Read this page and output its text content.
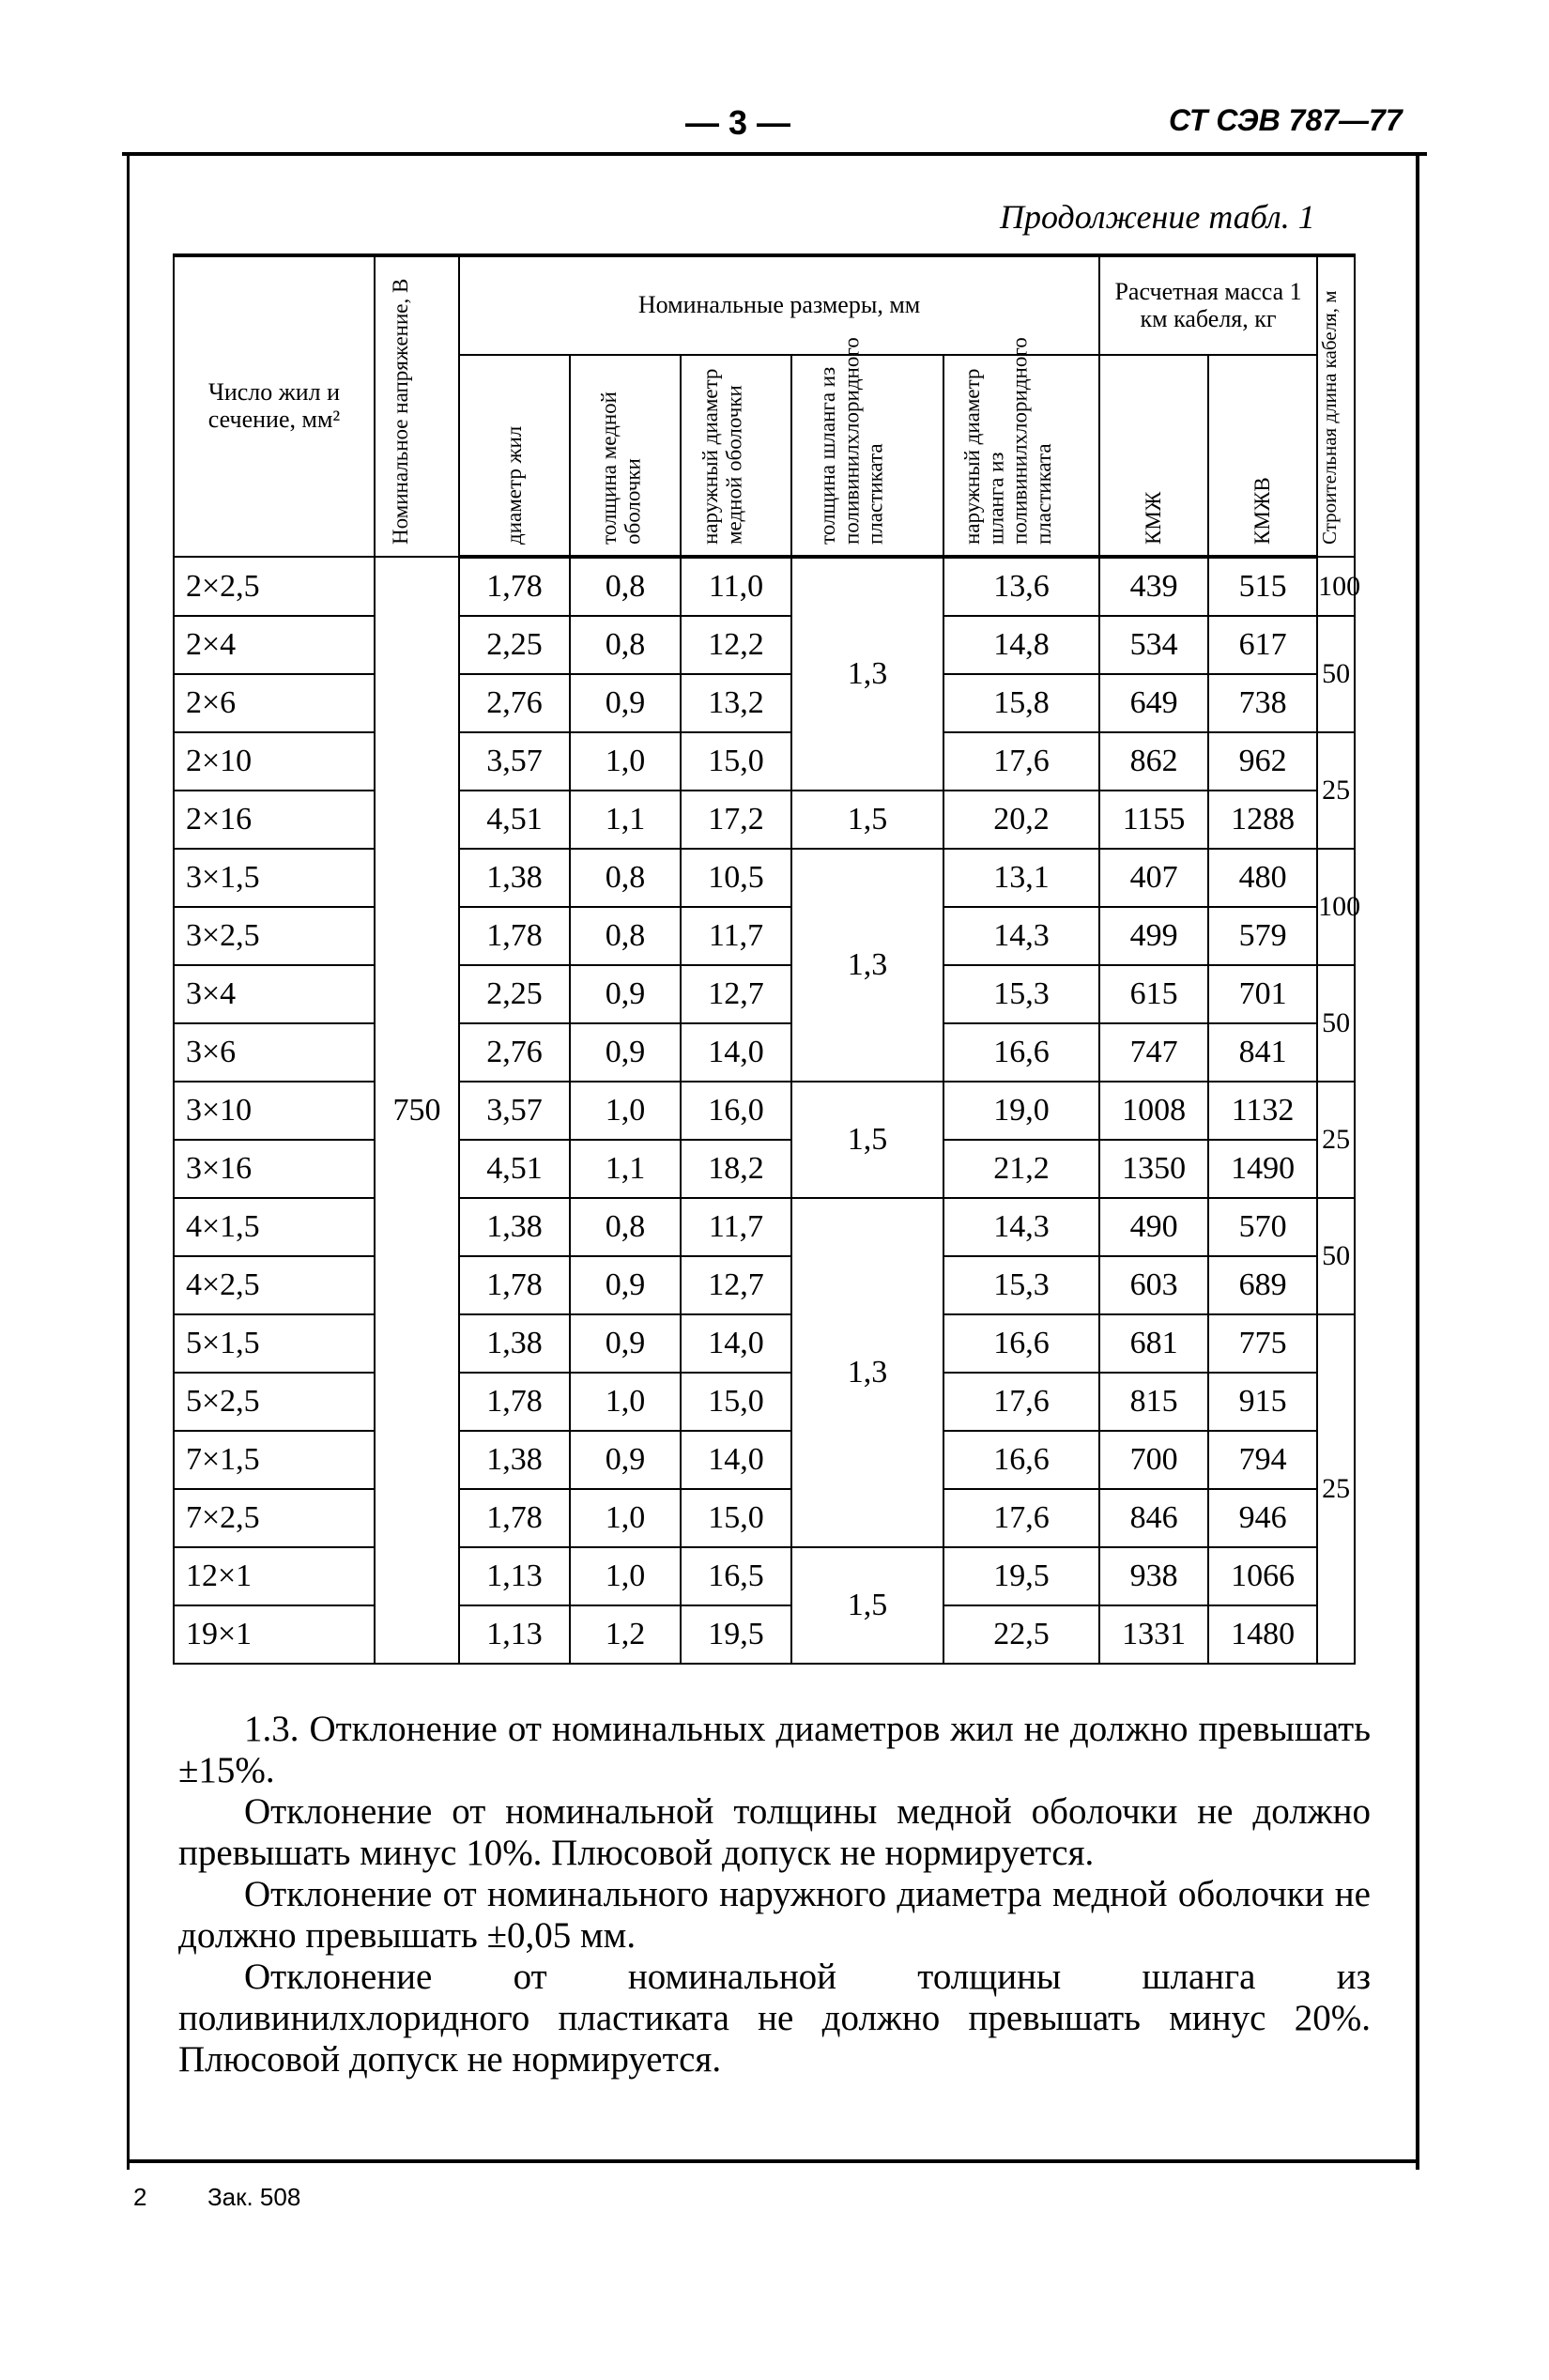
— 3 —	СТ СЭВ 787—77
Продолжение табл. 1
Число жил и сечение, мм²	Номинальное напряжение, В	Номинальные размеры, мм					Расчетная масса 1 км кабеля, кг		Строительная длина кабеля, м
		диаметр жил	толщина медной оболочки	наружный диаметр медной оболочки	толщина шланга из поливинилхлоридного пластиката	наружный диаметр шланга из поливинилхлоридного пластиката	КМЖ	КМЖВ	
2×2,5	750	1,78	0,8	11,0	1,3	13,6	439	515	100
2×4		2,25	0,8	12,2		14,8	534	617	50
2×6		2,76	0,9	13,2		15,8	649	738	
2×10		3,57	1,0	15,0		17,6	862	962	25
2×16		4,51	1,1	17,2	1,5	20,2	1155	1288	
3×1,5		1,38	0,8	10,5	1,3	13,1	407	480	100
3×2,5		1,78	0,8	11,7		14,3	499	579	
3×4		2,25	0,9	12,7		15,3	615	701	50
3×6		2,76	0,9	14,0		16,6	747	841	
3×10		3,57	1,0	16,0	1,5	19,0	1008	1132	25
3×16		4,51	1,1	18,2		21,2	1350	1490	
4×1,5		1,38	0,8	11,7	1,3	14,3	490	570	50
4×2,5		1,78	0,9	12,7		15,3	603	689	
5×1,5		1,38	0,9	14,0		16,6	681	775	25
5×2,5		1,78	1,0	15,0		17,6	815	915	
7×1,5		1,38	0,9	14,0		16,6	700	794	
7×2,5		1,78	1,0	15,0		17,6	846	946	
12×1		1,13	1,0	16,5	1,5	19,5	938	1066	
19×1		1,13	1,2	19,5		22,5	1331	1480	
1.3. Отклонение от номинальных диаметров жил не должно превышать ±15%.
Отклонение от номинальной толщины медной оболочки не должно превышать минус 10%. Плюсовой допуск не нормируется.
Отклонение от номинального наружного диаметра медной оболочки не должно превышать ±0,05 мм.
Отклонение от номинальной толщины шланга из поливинилхлоридного пластиката не должно превышать минус 20%. Плюсовой допуск не нормируется.
2 Зак. 508
